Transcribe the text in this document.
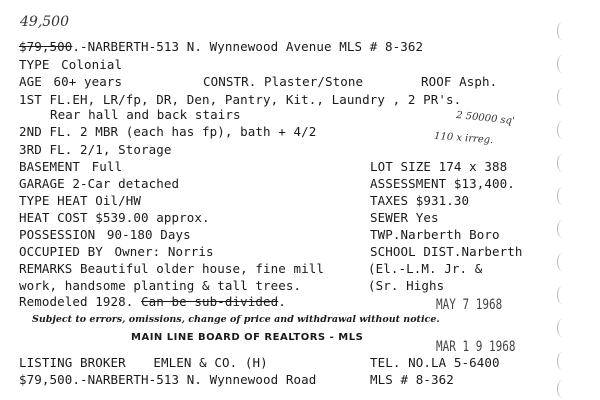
49,500
$79,500.-NARBERTH-513 N. Wynnewood Avenue MLS # 8-362
TYPE Colonial
AGE 60+ years	CONSTR. Plaster/Stone	ROOF Asph.
1ST FL.EH, LR/fp, DR, Den, Pantry, Kit., Laundry , 2 PR's.
Rear hall and back stairs
2ND FL. 2 MBR (each has fp), bath + 4/2
2 50000 sq'
110 x irreg.
3RD FL. 2/1, Storage
BASEMENT Full	LOT SIZE 174 x 388
GARAGE 2-Car detached	ASSESSMENT $13,400.
TYPE HEAT Oil/HW	TAXES $931.30
HEAT COST $539.00 approx.	SEWER Yes
POSSESSION 90-180 Days	TWP.Narberth Boro
OCCUPIED BY Owner: Norris	SCHOOL DIST.Narberth
REMARKS Beautiful older house, fine mill	(El.-L.M. Jr. &
work, handsome planting & tall trees.	(Sr. Highs
Remodeled 1928. Can be sub-divided.	MAY 7 1968
Subject to errors, omissions, change of price and withdrawal without notice.
MAIN LINE BOARD OF REALTORS - MLS
MAR 1 9 1968
LISTING BROKER EMLEN & CO. (H)	TEL. NO.LA 5-6400
$79,500.-NARBERTH-513 N. Wynnewood Road	MLS # 8-362
